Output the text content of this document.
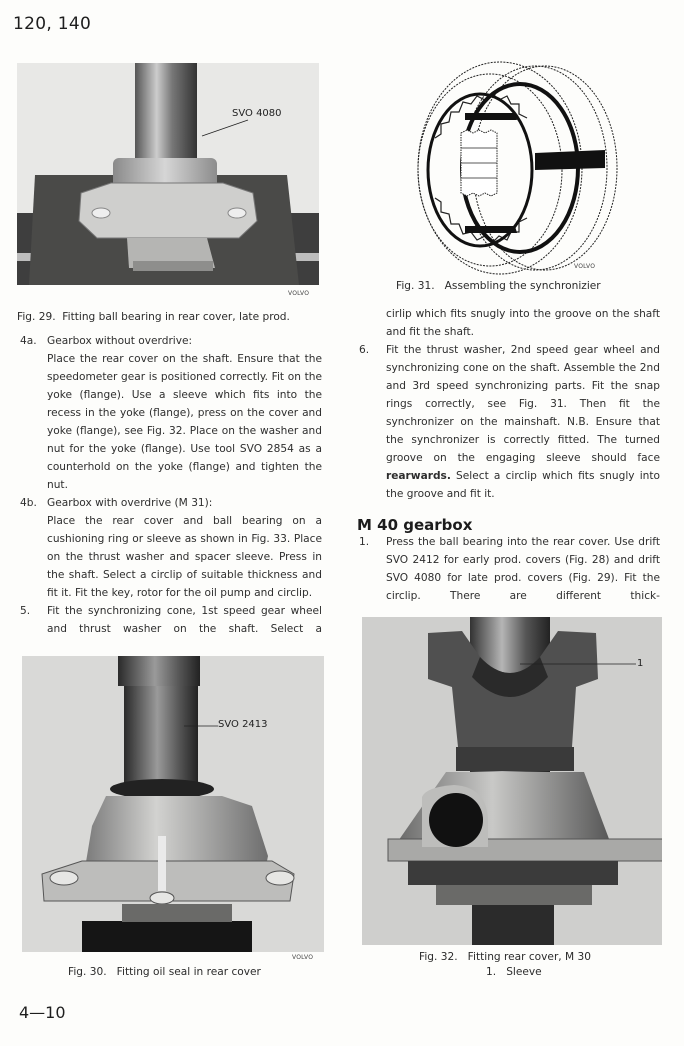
120, 140
SVO 4080
VOLVO
Fig. 29.  Fitting ball bearing in rear cover, late prod.
4a. Gearbox without overdrive:
Place the rear cover on the shaft. Ensure that the speedometer gear is positioned correctly. Fit on the yoke (flange). Use a sleeve which fits into the recess in the yoke (flange), press on the cover and yoke (flange), see Fig. 32. Place on the washer and nut for the yoke (flange). Use tool SVO 2854 as a counterhold on the yoke (flange) and tighten the nut.
4b. Gearbox with overdrive (M 31):
Place the rear cover and ball bearing on a cushioning ring or sleeve as shown in Fig. 33. Place on the thrust washer and spacer sleeve. Press in the shaft. Select a circlip of suitable thickness and fit it. Fit the key, rotor for the oil pump and circlip.
5. Fit the synchronizing cone, 1st speed gear wheel and thrust washer on the shaft. Select a
SVO 2413
VOLVO
Fig. 30.   Fitting oil seal in rear cover
4—10
VOLVO
Fig. 31.   Assembling the synchronizier
cirlip which fits snugly into the groove on the shaft and fit the shaft.
6. Fit the thrust washer, 2nd speed gear wheel and synchronizing cone on the shaft. Assemble the 2nd and 3rd speed synchronizing parts. Fit the snap rings correctly, see Fig. 31. Then fit the synchronizer on the mainshaft. N.B. Ensure that the synchronizer is correctly fitted. The turned groove on the engaging sleeve should face rearwards. Select a circlip which fits snugly into the groove and fit it.
M 40 gearbox
1. Press the ball bearing into the rear cover. Use drift SVO 2412 for early prod. covers (Fig. 28) and drift SVO 4080 for late prod. covers (Fig. 29). Fit the circlip. There are different thick-
1
Fig. 32.   Fitting rear cover, M 30
1.   Sleeve
